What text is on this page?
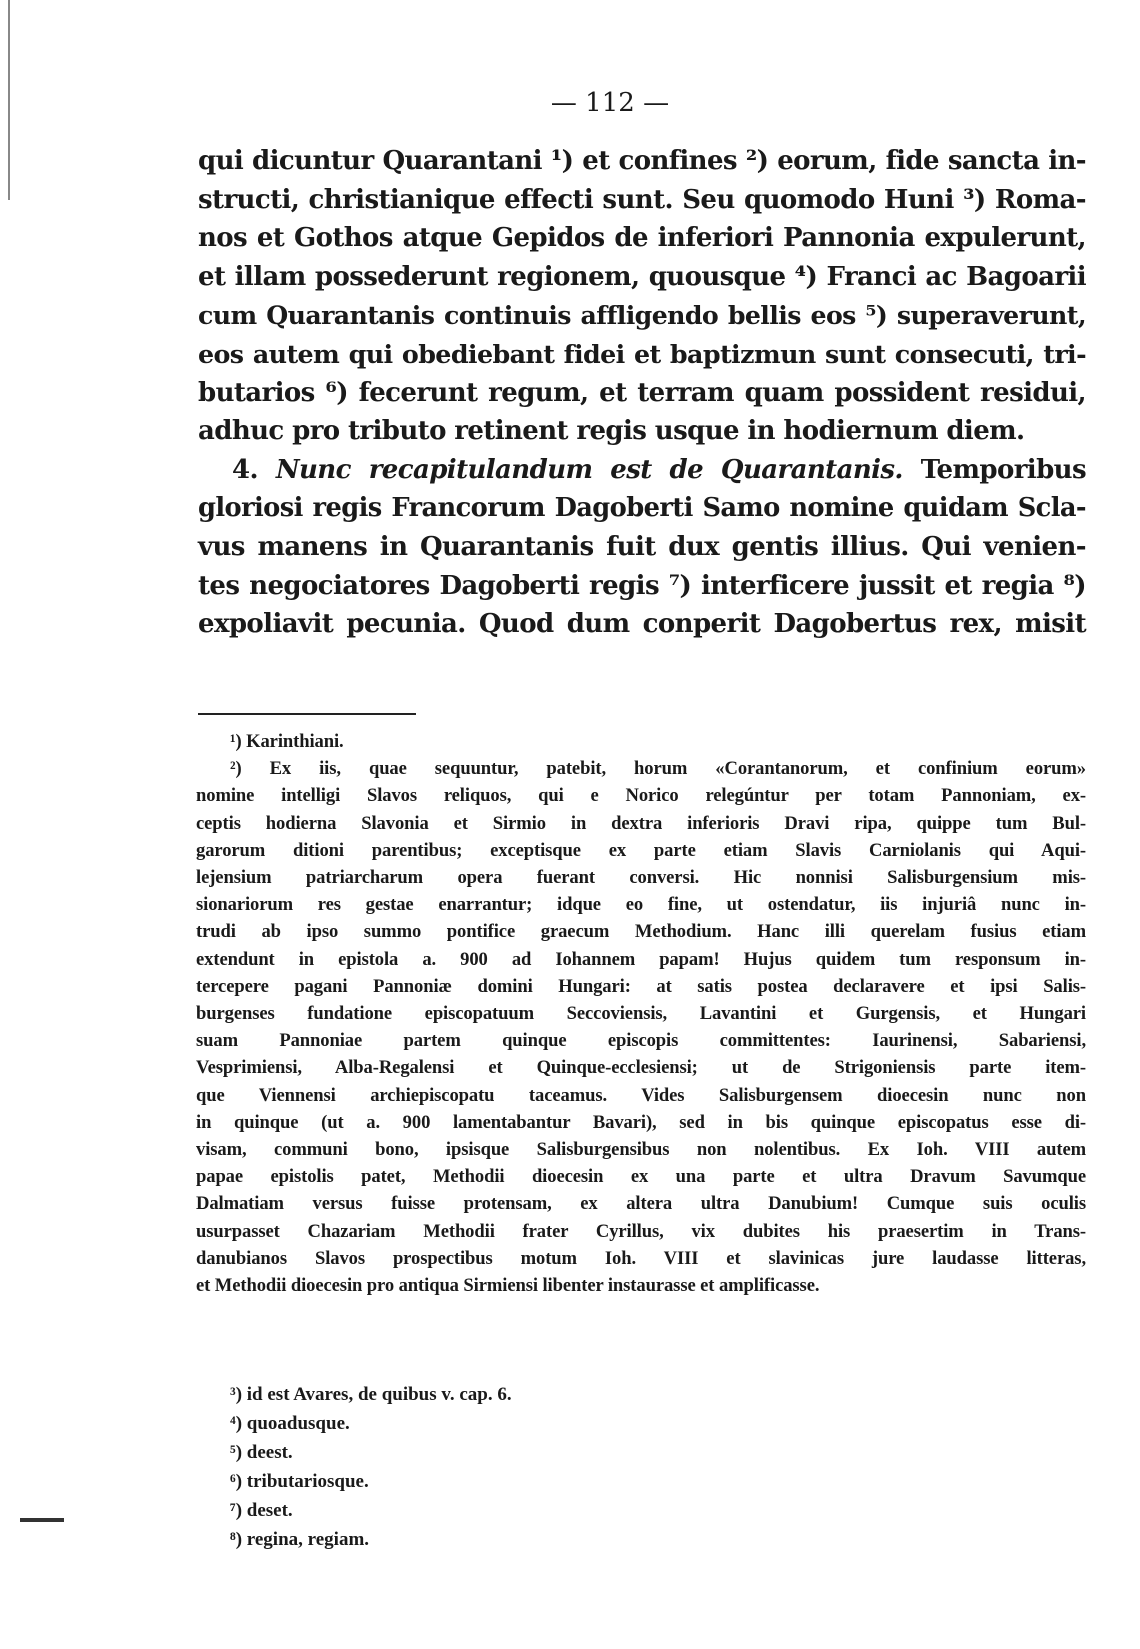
— 112 —
qui dicuntur Quarantani ¹) et confines ²) eorum, fide sancta in-
structi, christianique effecti sunt. Seu quomodo Huni ³) Roma-
nos et Gothos atque Gepidos de inferiori Pannonia expulerunt,
et illam possederunt regionem, quousque ⁴) Franci ac Bagoarii
cum Quarantanis continuis affligendo bellis eos ⁵) superaverunt,
eos autem qui obediebant fidei et baptizmun sunt consecuti, tri-
butarios ⁶) fecerunt regum, et terram quam possident residui,
adhuc pro tributo retinent regis usque in hodiernum diem.
4. Nunc recapitulandum est de Quarantanis. Temporibus
gloriosi regis Francorum Dagoberti Samo nomine quidam Scla-
vus manens in Quarantanis fuit dux gentis illius. Qui venien-
tes negociatores Dagoberti regis ⁷) interficere jussit et regia ⁸)
expoliavit pecunia. Quod dum conperit Dagobertus rex, misit
¹) Karinthiani.
²) Ex iis, quae sequuntur, patebit, horum «Corantanorum, et confinium eorum»
nomine intelligi Slavos reliquos, qui e Norico relegúntur per totam Pannoniam, ex-
ceptis hodierna Slavonia et Sirmio in dextra inferioris Dravi ripa, quippe tum Bul-
garorum ditioni parentibus; exceptisque ex parte etiam Slavis Carniolanis qui Aqui-
lejensium patriarcharum opera fuerant conversi. Hic nonnisi Salisburgensium mis-
sionariorum res gestae enarrantur; idque eo fine, ut ostendatur, iis injuriâ nunc in-
trudi ab ipso summo pontifice graecum Methodium. Hanc illi querelam fusius etiam
extendunt in epistola a. 900 ad Iohannem papam! Hujus quidem tum responsum in-
tercepere pagani Pannoniæ domini Hungari: at satis postea declaravere et ipsi Salis-
burgenses fundatione episcopatuum Seccoviensis, Lavantini et Gurgensis, et Hungari
suam Pannoniae partem quinque episcopis committentes: Iaurinensi, Sabariensi,
Vesprimiensi, Alba-Regalensi et Quinque-ecclesiensi; ut de Strigoniensis parte item-
que Viennensi archiepiscopatu taceamus. Vides Salisburgensem dioecesin nunc non
in quinque (ut a. 900 lamentabantur Bavari), sed in bis quinque episcopatus esse di-
visam, communi bono, ipsisque Salisburgensibus non nolentibus. Ex Ioh. VIII autem
papae epistolis patet, Methodii dioecesin ex una parte et ultra Dravum Savumque
Dalmatiam versus fuisse protensam, ex altera ultra Danubium! Cumque suis oculis
usurpasset Chazariam Methodii frater Cyrillus, vix dubites his praesertim in Trans-
danubianos Slavos prospectibus motum Ioh. VIII et slavinicas jure laudasse litteras,
et Methodii dioecesin pro antiqua Sirmiensi libenter instaurasse et amplificasse.
³) id est Avares, de quibus v. cap. 6.
⁴) quoadusque.
⁵) deest.
⁶) tributariosque.
⁷) deset.
⁸) regina, regiam.
